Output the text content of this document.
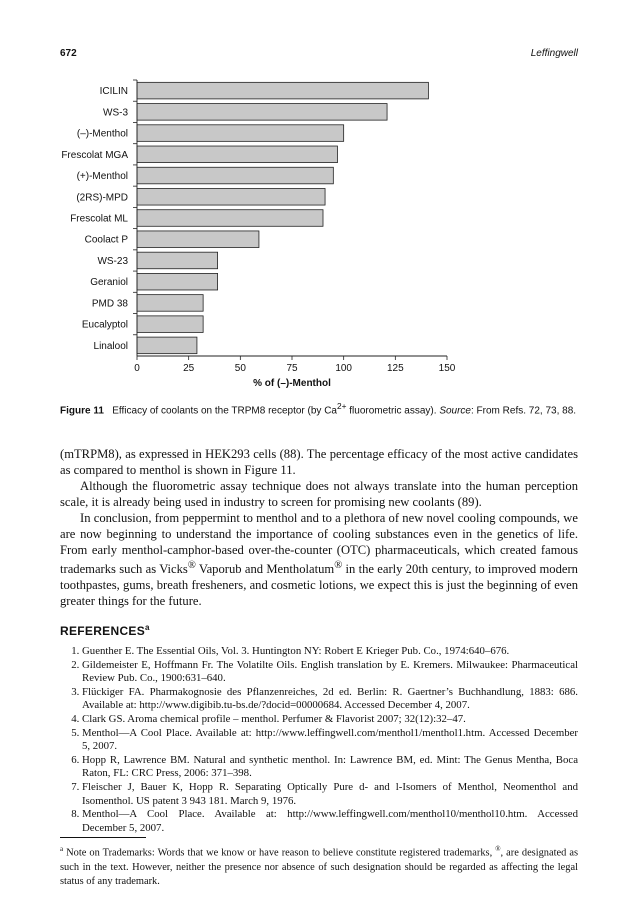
672	Leffingwell
ICILIN
WS-3
(–)-Menthol
Frescolat MGA
(+)-Menthol
(2RS)-MPD
Frescolat ML
Coolact P
WS-23
Geraniol
PMD 38
Eucalyptol
Linalool
0	25	50	75	100	125	150
% of (–)-Menthol
Figure 11 Efficacy of coolants on the TRPM8 receptor (by $Ca^{2+}$ fluorometric assay). Source: From Refs. 72, 73, 88.

(mTRPM8), as expressed in HEK293 cells (88). The percentage efficacy of the most active candidates as compared to menthol is shown in Figure 11.

Although the fluorometric assay technique does not always translate into the human perception scale, it is already being used in industry to screen for promising new coolants (89).

In conclusion, from peppermint to menthol and to a plethora of new novel cooling compounds, we are now beginning to understand the importance of cooling substances even in the genetics of life. From early menthol-camphor-based over-the-counter (OTC) pharmaceuticals, which created famous trademarks such as Vicks® Vaporub and Mentholatum® in the early 20th century, to improved modern toothpastes, gums, breath fresheners, and cosmetic lotions, we expect this is just the beginning of even greater things for the future.

REFERENCES$^a$
1. Guenther E. The Essential Oils, Vol. 3. Huntington NY: Robert E Krieger Pub. Co., 1974:640–676.
2. Gildemeister E, Hoffmann Fr. The Volatilte Oils. English translation by E. Kremers. Milwaukee: Pharmaceutical Review Pub. Co., 1900:631–640.
3. Flückiger FA. Pharmakognosie des Pflanzenreiches, 2d ed. Berlin: R. Gaertner’s Buchhandlung, 1883: 686. Available at: http://www.digibib.tu-bs.de/?docid=00000684. Accessed December 4, 2007.
4. Clark GS. Aroma chemical profile – menthol. Perfumer & Flavorist 2007; 32(12):32–47.
5. Menthol—A Cool Place. Available at: http://www.leffingwell.com/menthol1/menthol1.htm. Accessed December 5, 2007.
6. Hopp R, Lawrence BM. Natural and synthetic menthol. In: Lawrence BM, ed. Mint: The Genus Mentha, Boca Raton, FL: CRC Press, 2006: 371–398.
7. Fleischer J, Bauer K, Hopp R. Separating Optically Pure d- and l-Isomers of Menthol, Neomenthol and Isomenthol. US patent 3 943 181. March 9, 1976.
8. Menthol—A Cool Place. Available at: http://www.leffingwell.com/menthol10/menthol10.htm. Accessed December 5, 2007.
$^a$ Note on Trademarks: Words that we know or have reason to believe constitute registered trademarks, ®, are designated as such in the text. However, neither the presence nor absence of such designation should be regarded as affecting the legal status of any trademark.
